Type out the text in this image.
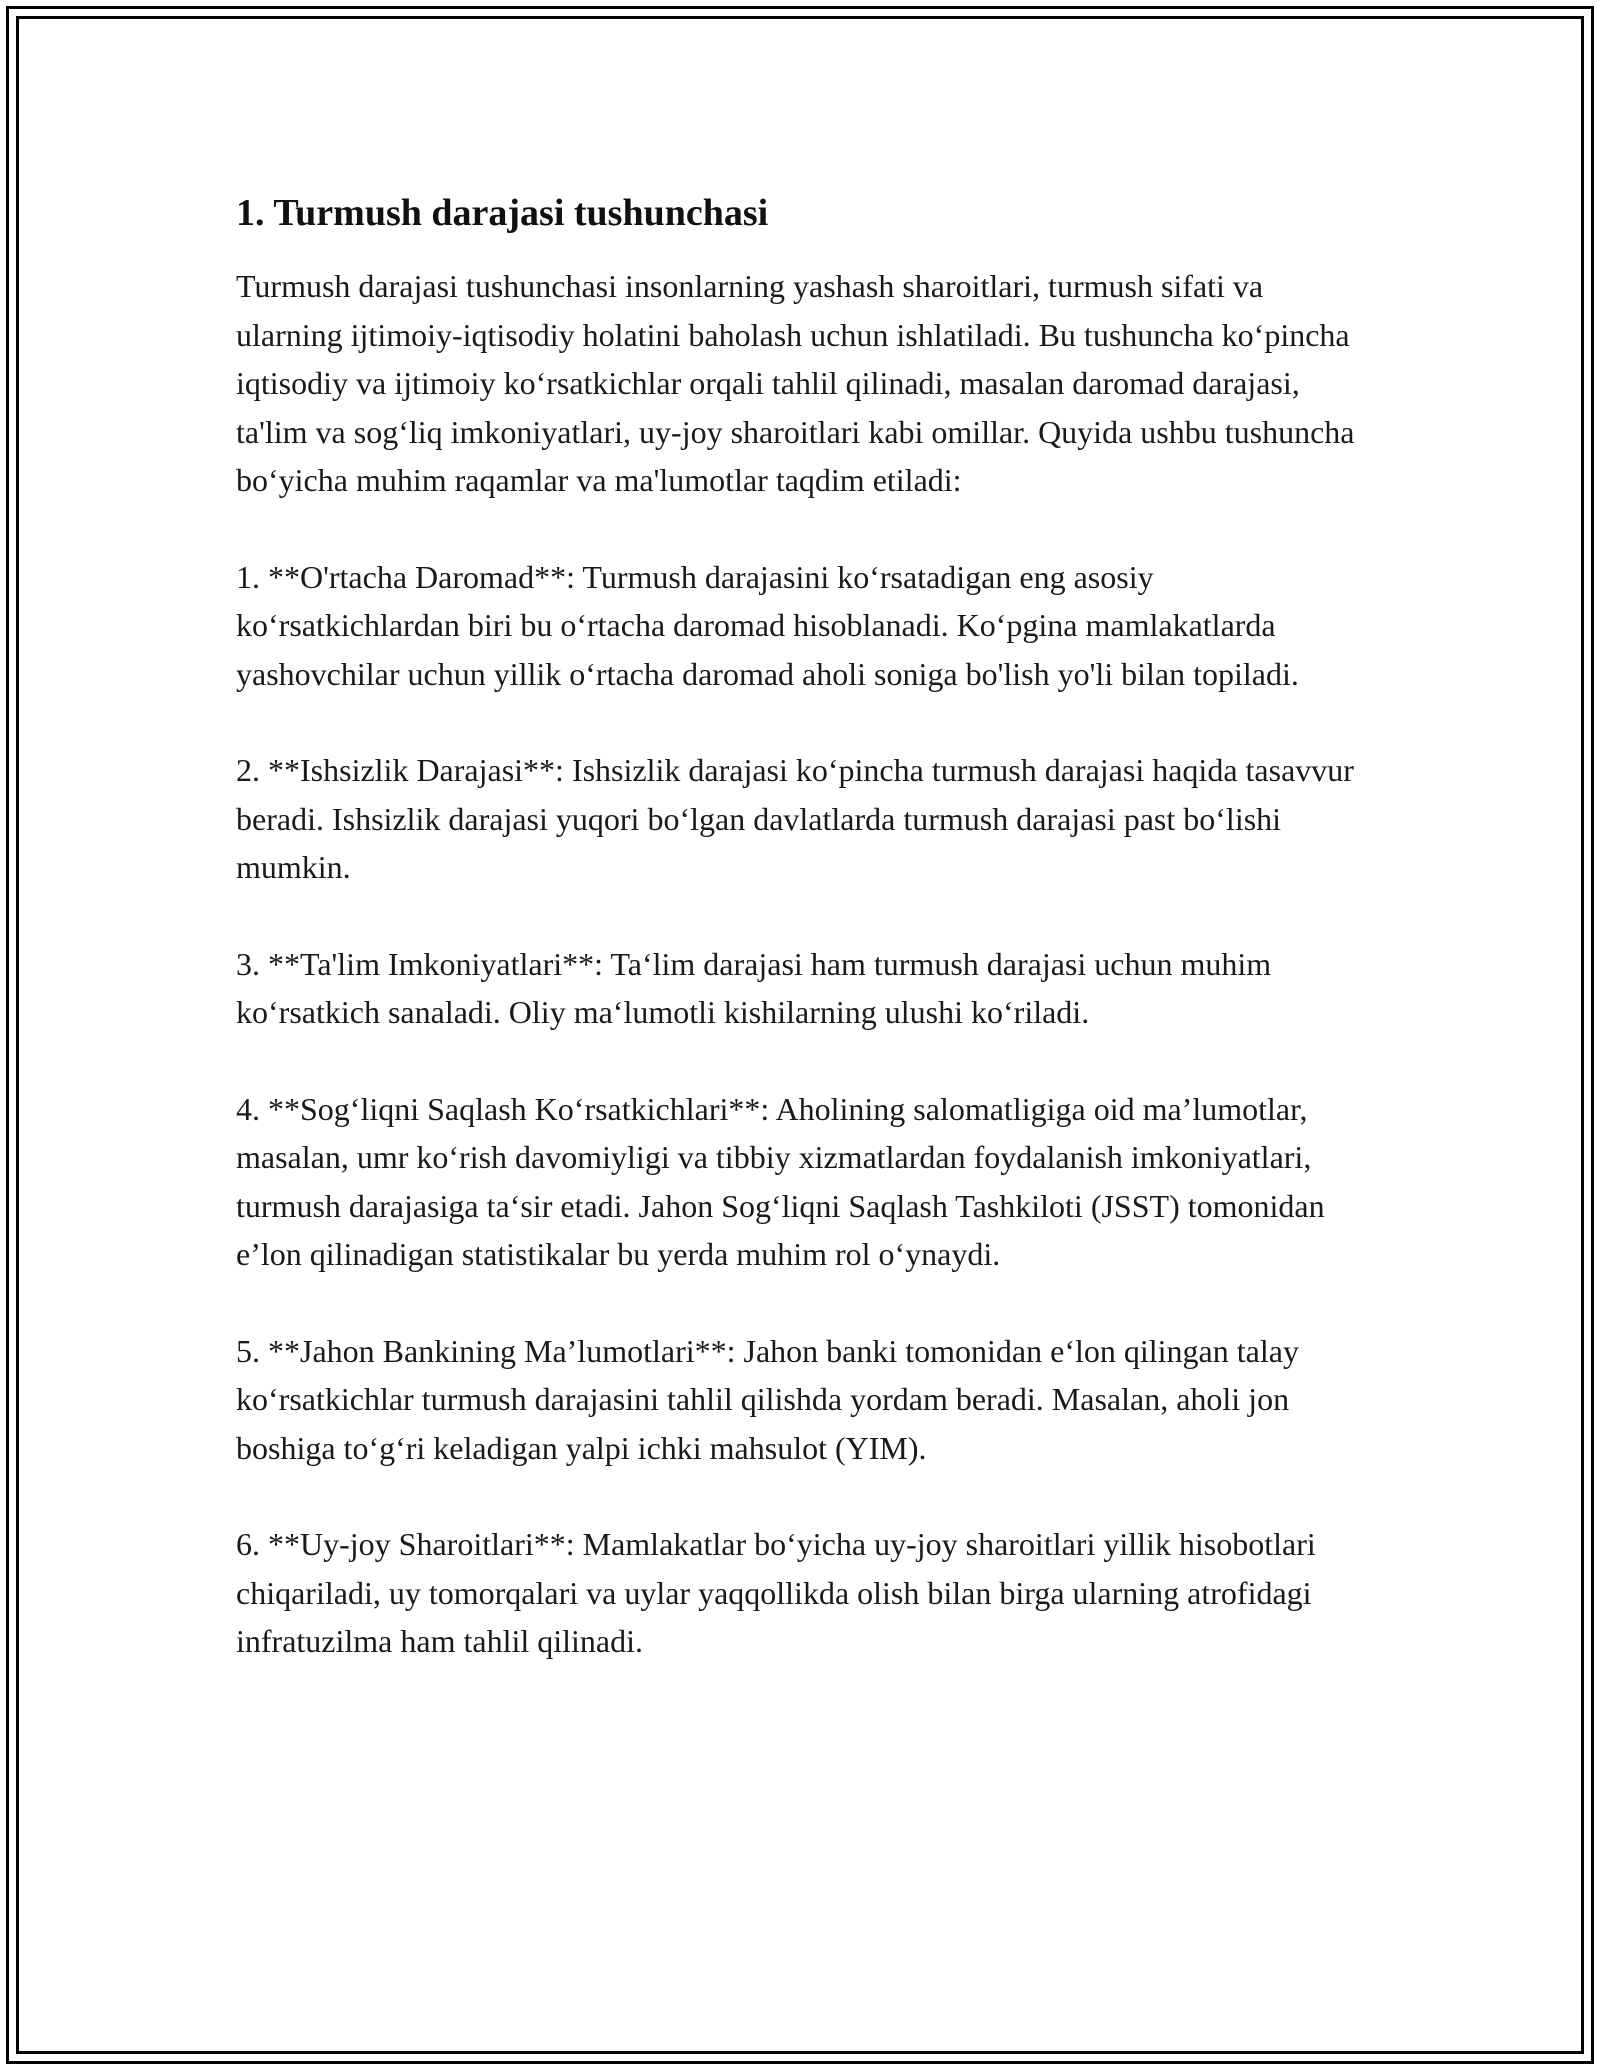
1. Turmush darajasi tushunchasi

Turmush darajasi tushunchasi insonlarning yashash sharoitlari, turmush sifati va ularning ijtimoiy-iqtisodiy holatini baholash uchun ishlatiladi. Bu tushuncha ko‘pincha iqtisodiy va ijtimoiy ko‘rsatkichlar orqali tahlil qilinadi, masalan daromad darajasi, ta'lim va sog‘liq imkoniyatlari, uy-joy sharoitlari kabi omillar. Quyida ushbu tushuncha bo‘yicha muhim raqamlar va ma'lumotlar taqdim etiladi:

1. **O'rtacha Daromad**: Turmush darajasini ko‘rsatadigan eng asosiy ko‘rsatkichlardan biri bu o‘rtacha daromad hisoblanadi. Ko‘pgina mamlakatlarda yashovchilar uchun yillik o‘rtacha daromad aholi soniga bo'lish yo'li bilan topiladi.

2. **Ishsizlik Darajasi**: Ishsizlik darajasi ko‘pincha turmush darajasi haqida tasavvur beradi. Ishsizlik darajasi yuqori bo‘lgan davlatlarda turmush darajasi past bo‘lishi mumkin.

3. **Ta'lim Imkoniyatlari**: Ta‘lim darajasi ham turmush darajasi uchun muhim ko‘rsatkich sanaladi. Oliy ma‘lumotli kishilarning ulushi ko‘riladi.

4. **Sog‘liqni Saqlash Ko‘rsatkichlari**: Aholining salomatligiga oid ma’lumotlar, masalan, umr ko‘rish davomiyligi va tibbiy xizmatlardan foydalanish imkoniyatlari, turmush darajasiga ta‘sir etadi. Jahon Sog‘liqni Saqlash Tashkiloti (JSST) tomonidan e’lon qilinadigan statistikalar bu yerda muhim rol o‘ynaydi.

5. **Jahon Bankining Ma’lumotlari**: Jahon banki tomonidan e‘lon qilingan talay ko‘rsatkichlar turmush darajasini tahlil qilishda yordam beradi. Masalan, aholi jon boshiga to‘g‘ri keladigan yalpi ichki mahsulot (YIM).

6. **Uy-joy Sharoitlari**: Mamlakatlar bo‘yicha uy-joy sharoitlari yillik hisobotlari chiqariladi, uy tomorqalari va uylar yaqqollikda olish bilan birga ularning atrofidagi infratuzilma ham tahlil qilinadi.
